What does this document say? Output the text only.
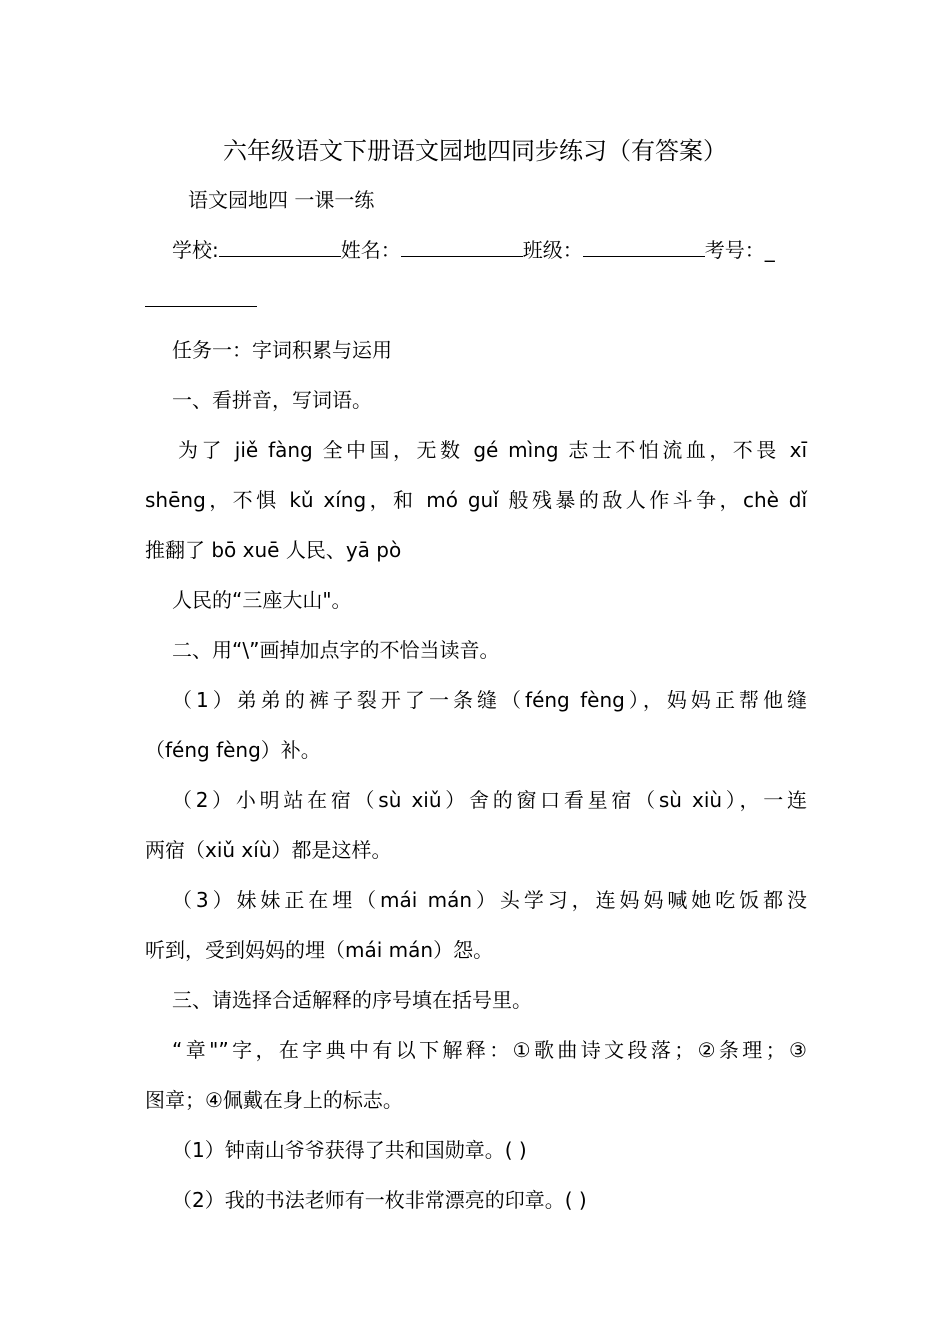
六年级语文下册语文园地四同步练习（有答案）
语文园地四 一课一练
学校:	姓名：	班级：	考号：_
任务一：字词积累与运用
一、看拼音，写词语。
为了 jiě fàng 全中国，无数 gé mìng 志士不怕流血，不畏 xī
shēng，不惧 kǔ xíng，和 mó guǐ 般残暴的敌人作斗争，chè dǐ
推翻了 bō xuē 人民、yā pò
人民的“三座大山"。
二、用“\”画掉加点字的不恰当读音。
（1）弟弟的裤子裂开了一条缝（féng fèng），妈妈正帮他缝
（féng fèng）补。
（2）小明站在宿（sù xiǔ）舍的窗口看星宿（sù xiù），一连
两宿（xiǔ xíù）都是这样。
（3）妹妹正在埋（mái mán）头学习，连妈妈喊她吃饭都没
听到，受到妈妈的埋（mái mán）怨。
三、请选择合适解释的序号填在括号里。
“章"”字，在字典中有以下解释：①歌曲诗文段落；②条理；③
图章；④佩戴在身上的标志。
（1）钟南山爷爷获得了共和国勋章。( )
（2）我的书法老师有一枚非常漂亮的印章。( )
